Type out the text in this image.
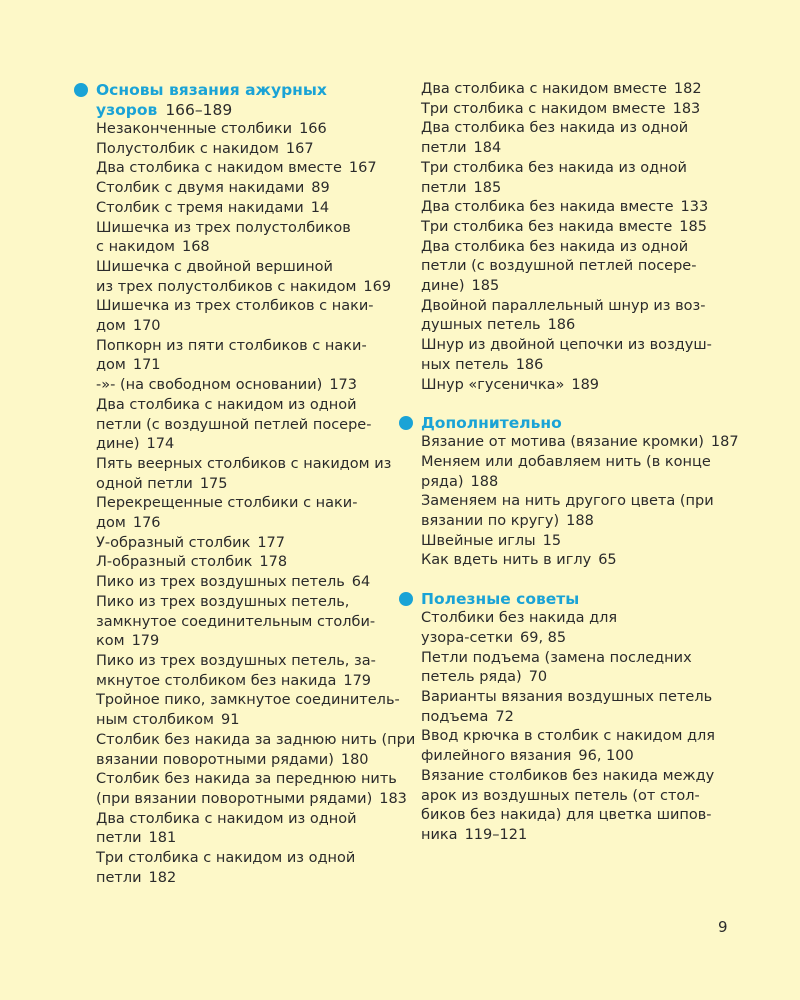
Основы вязания ажурных
узоров 166–189
Незаконченные столбики 166
Полустолбик с накидом 167
Два столбика с накидом вместе 167
Столбик с двумя накидами 89
Столбик с тремя накидами 14
Шишечка из трех полустолбиков
с накидом 168
Шишечка с двойной вершиной
из трех полустолбиков с накидом 169
Шишечка из трех столбиков с наки-
дом 170
Попкорн из пяти столбиков с наки-
дом 171
-»- (на свободном основании) 173
Два столбика с накидом из одной
петли (с воздушной петлей посере-
дине) 174
Пять веерных столбиков с накидом из
одной петли 175
Перекрещенные столбики с наки-
дом 176
У-образный столбик 177
Л-образный столбик 178
Пико из трех воздушных петель 64
Пико из трех воздушных петель,
замкнутое соединительным столби-
ком 179
Пико из трех воздушных петель, за-
мкнутое столбиком без накида 179
Тройное пико, замкнутое соединитель-
ным столбиком 91
Столбик без накида за заднюю нить (при
вязании поворотными рядами) 180
Столбик без накида за переднюю нить
(при вязании поворотными рядами) 183
Два столбика с накидом из одной
петли 181
Три столбика с накидом из одной
петли 182
Два столбика с накидом вместе 182
Три столбика с накидом вместе 183
Два столбика без накида из одной
петли 184
Три столбика без накида из одной
петли 185
Два столбика без накида вместе 133
Три столбика без накида вместе 185
Два столбика без накида из одной
петли (с воздушной петлей посере-
дине) 185
Двойной параллельный шнур из воз-
душных петель 186
Шнур из двойной цепочки из воздуш-
ных петель 186
Шнур «гусеничка» 189
Дополнительно
Вязание от мотива (вязание кромки) 187
Меняем или добавляем нить (в конце
ряда) 188
Заменяем на нить другого цвета (при
вязании по кругу) 188
Швейные иглы 15
Как вдеть нить в иглу 65
Полезные советы
Столбики без накида для
узора-сетки 69, 85
Петли подъема (замена последних
петель ряда) 70
Варианты вязания воздушных петель
подъема 72
Ввод крючка в столбик с накидом для
филейного вязания 96, 100
Вязание столбиков без накида между
арок из воздушных петель (от стол-
биков без накида) для цветка шипов-
ника 119–121
9
